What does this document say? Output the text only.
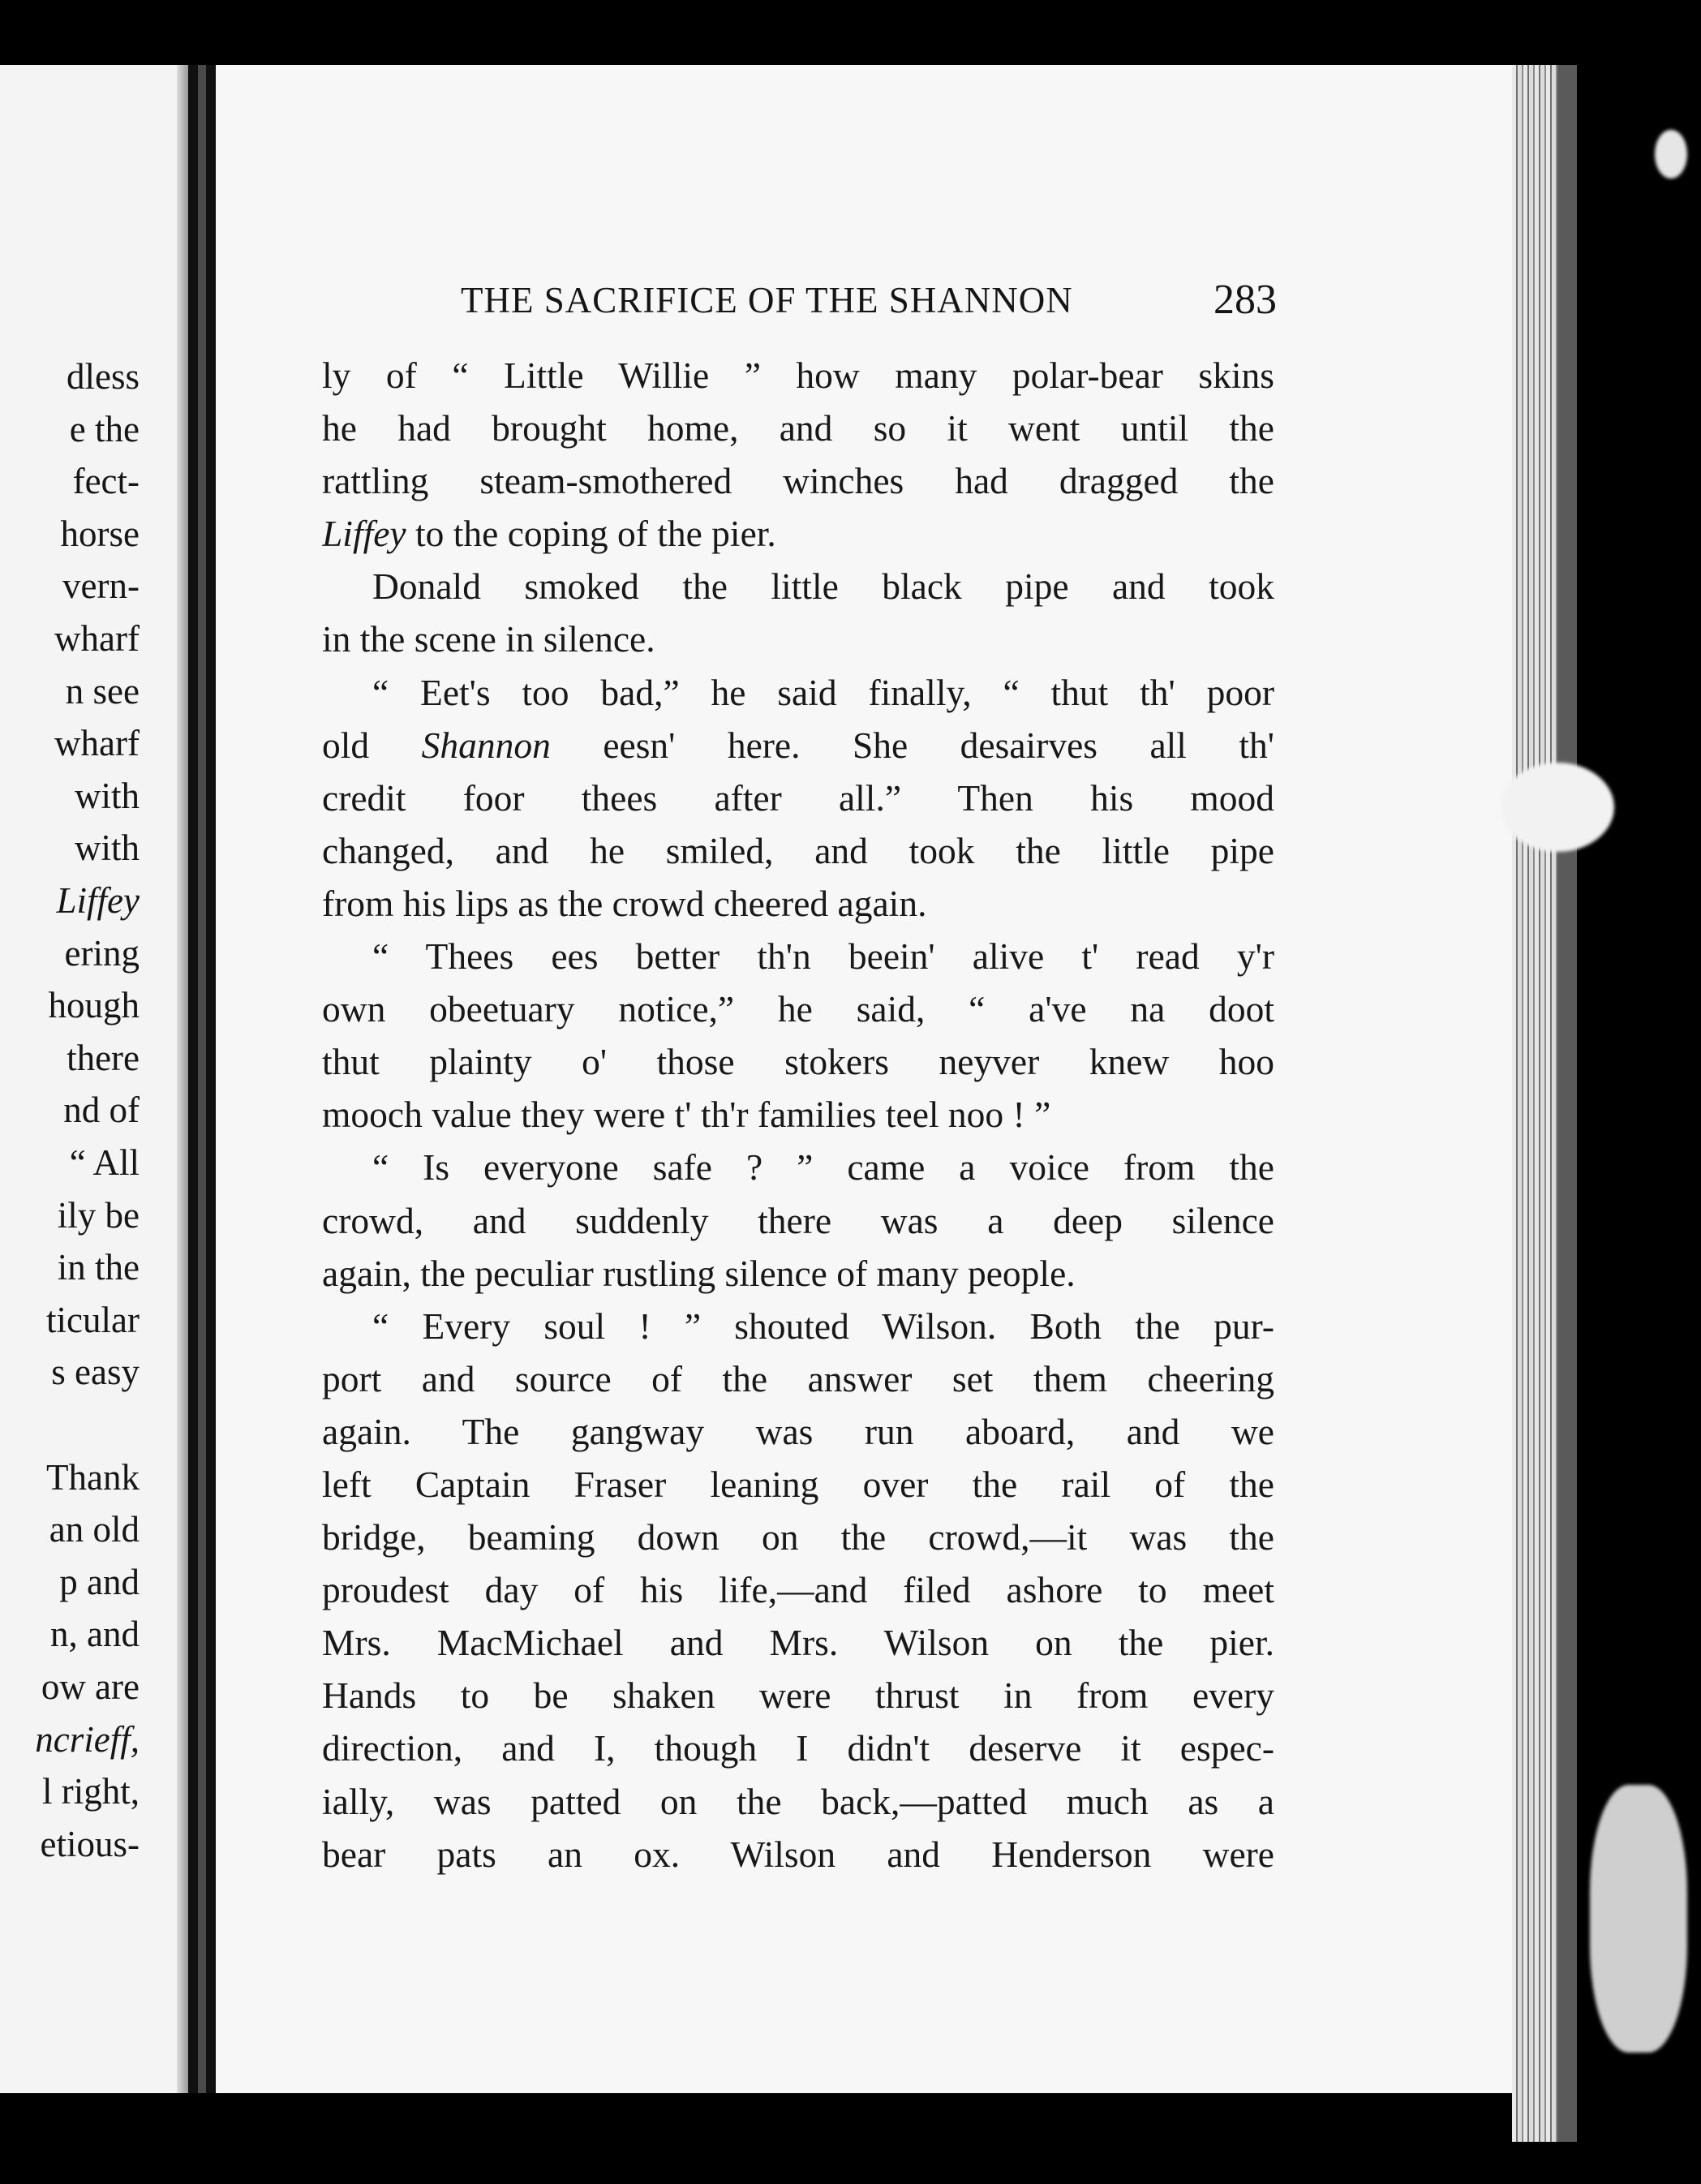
dless
e the
fect-
horse
vern-
wharf
n see
wharf
with
with
Liffey
ering
hough
there
nd of
“ All
ily be
in the
ticular
s easy
Thank
an old
p and
n, and
ow are
ncrieff,
l right,
etious-
THE SACRIFICE OF THE SHANNON	283
ly of “ Little Willie ” how many polar-bear skins
he had brought home, and so it went until the
rattling steam-smothered winches had dragged the
Liffey to the coping of the pier.
Donald smoked the little black pipe and took
in the scene in silence.
“ Eet's too bad,” he said finally, “ thut th' poor
old Shannon eesn' here. She desairves all th'
credit foor thees after all.” Then his mood
changed, and he smiled, and took the little pipe
from his lips as the crowd cheered again.
“ Thees ees better th'n beein' alive t' read y'r
own obeetuary notice,” he said, “ a've na doot
thut plainty o' those stokers neyver knew hoo
mooch value they were t' th'r families teel noo ! ”
“ Is everyone safe ? ” came a voice from the
crowd, and suddenly there was a deep silence
again, the peculiar rustling silence of many people.
“ Every soul ! ” shouted Wilson. Both the pur-
port and source of the answer set them cheering
again. The gangway was run aboard, and we
left Captain Fraser leaning over the rail of the
bridge, beaming down on the crowd,—it was the
proudest day of his life,—and filed ashore to meet
Mrs. MacMichael and Mrs. Wilson on the pier.
Hands to be shaken were thrust in from every
direction, and I, though I didn't deserve it espec-
ially, was patted on the back,—patted much as a
bear pats an ox. Wilson and Henderson were
